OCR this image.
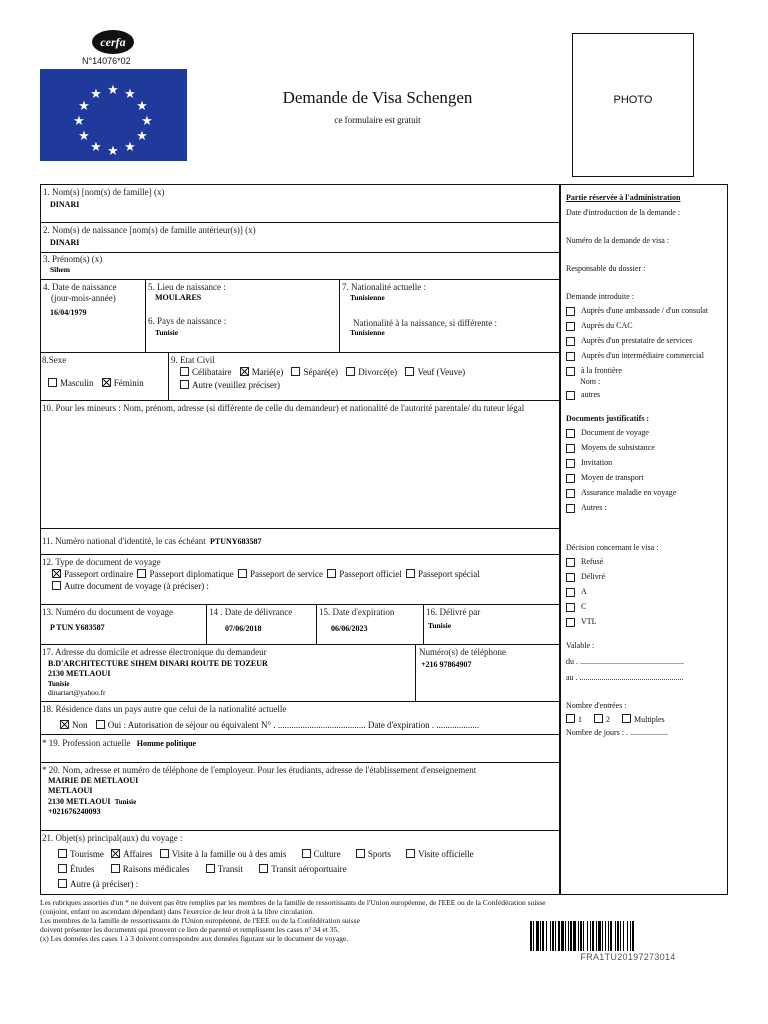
cerfa
N°14076*02
★ ★
★
★
★
★
★
★
★
★
★
★	Demande de Visa Schengen
ce formulaire est gratuit
PHOTO
1. Nom(s) [nom(s) de famille] (x)
DINARI
2. Nom(s) de naissance [nom(s) de famille antérieur(s)] (x)
DINARI
3. Prénom(s) (x)
Sihem
4. Date de naissance
(jour-mois-année)
16/04/1979
5. Lieu de naissance :
MOULARES
6. Pays de naissance :
Tunisie
7. Nationalité actuelle :
Tunisienne
Nationalité à la naissance, si différente :
Tunisienne
8.Sexe
Masculin Féminin
9. Etat Civil
Célibataire Marié(e) Séparé(e) Divorcé(e) Veuf (Veuve)
Autre (veuillez préciser)
10. Pour les mineurs : Nom, prénom, adresse (si différente de celle du demandeur) et nationalité de l'autorité parentale/ du tuteur légal
11. Numéro national d'identité, le cas échéant PTUNY683587
12. Type de document de voyage
Passeport ordinaire Passeport diplomatique Passeport de service Passeport officiel Passeport spécial
Autre document de voyage (à préciser) :
13. Numéro du document de voyage
P TUN Y683587
14 . Date de délivrance
07/06/2018
15. Date d'expiration
06/06/2023
16. Délivré par
Tunisie
17. Adresse du domicile et adresse électronique du demandeur
B.D'ARCHITECTURE SIHEM DINARI ROUTE DE TOZEUR
2130 METLAOUI
Tunisie
dinariart@yahoo.fr
Numéro(s) de téléphone
+216 97864907
18. Résidence dans un pays autre que celui de la nationalité actuelle
Non Oui : Autorisation de séjour ou équivalent N° . ....................................... Date d'expiration . ...................
* 19. Profession actuelle Homme politique
* 20. Nom, adresse et numéro de téléphone de l'employeur. Pour les étudiants, adresse de l'établissement d'enseignement
MAIRIE DE METLAOUI
METLAOUI
2130 METLAOUI Tunisie
+021676240093
21. Objet(s) principal(aux) du voyage :
Tourisme Affaires Visite à la famille ou à des amis	Culture	Sports	Visite officielle
Études	Raisons médicales	Transit	Transit aéroportuaire
Autre (à préciser) :
Partie réservée à l'administration
Date d'introduction de la demande :
Numéro de la demande de visa :
Responsable du dossier :
Demande introduite :
Auprès d'une ambassade / d'un consulat
Auprès du CAC
Auprès d'un prestataire de services
Auprès d'un intermédiaire commercial
à la frontière
Nom :
autres
Documents justificatifs :
Document de voyage
Moyens de subsistance
Invitation
Moyen de transport
Assurance maladie en voyage
Autres :
Décision concernant le visa :
Refusé
Délivré
A
C
VTL
Valable :
du . ....................................................
au . ....................................................
Nombre d'entrées :
1	2	Multiples
Nombre de jours : . ...................
Les rubriques assorties d'un * ne doivent pas être remplies par les membres de la famille de ressortissants de l'Union européenne, de l'EEE ou de la Confédération suisse
(conjoint, enfant ou ascendant dépendant) dans l'exercice de leur droit à la libre circulation.
Les membres de la famille de ressortissants de l'Union européenne, de l'EEE ou de la Confédération suisse
doivent présenter les documents qui prouvent ce lien de parenté et remplissent les cases n° 34 et 35.
(x) Les données des cases 1 à 3 doivent correspondre aux données figurant sur le document de voyage.
FRA1TU20197273014
